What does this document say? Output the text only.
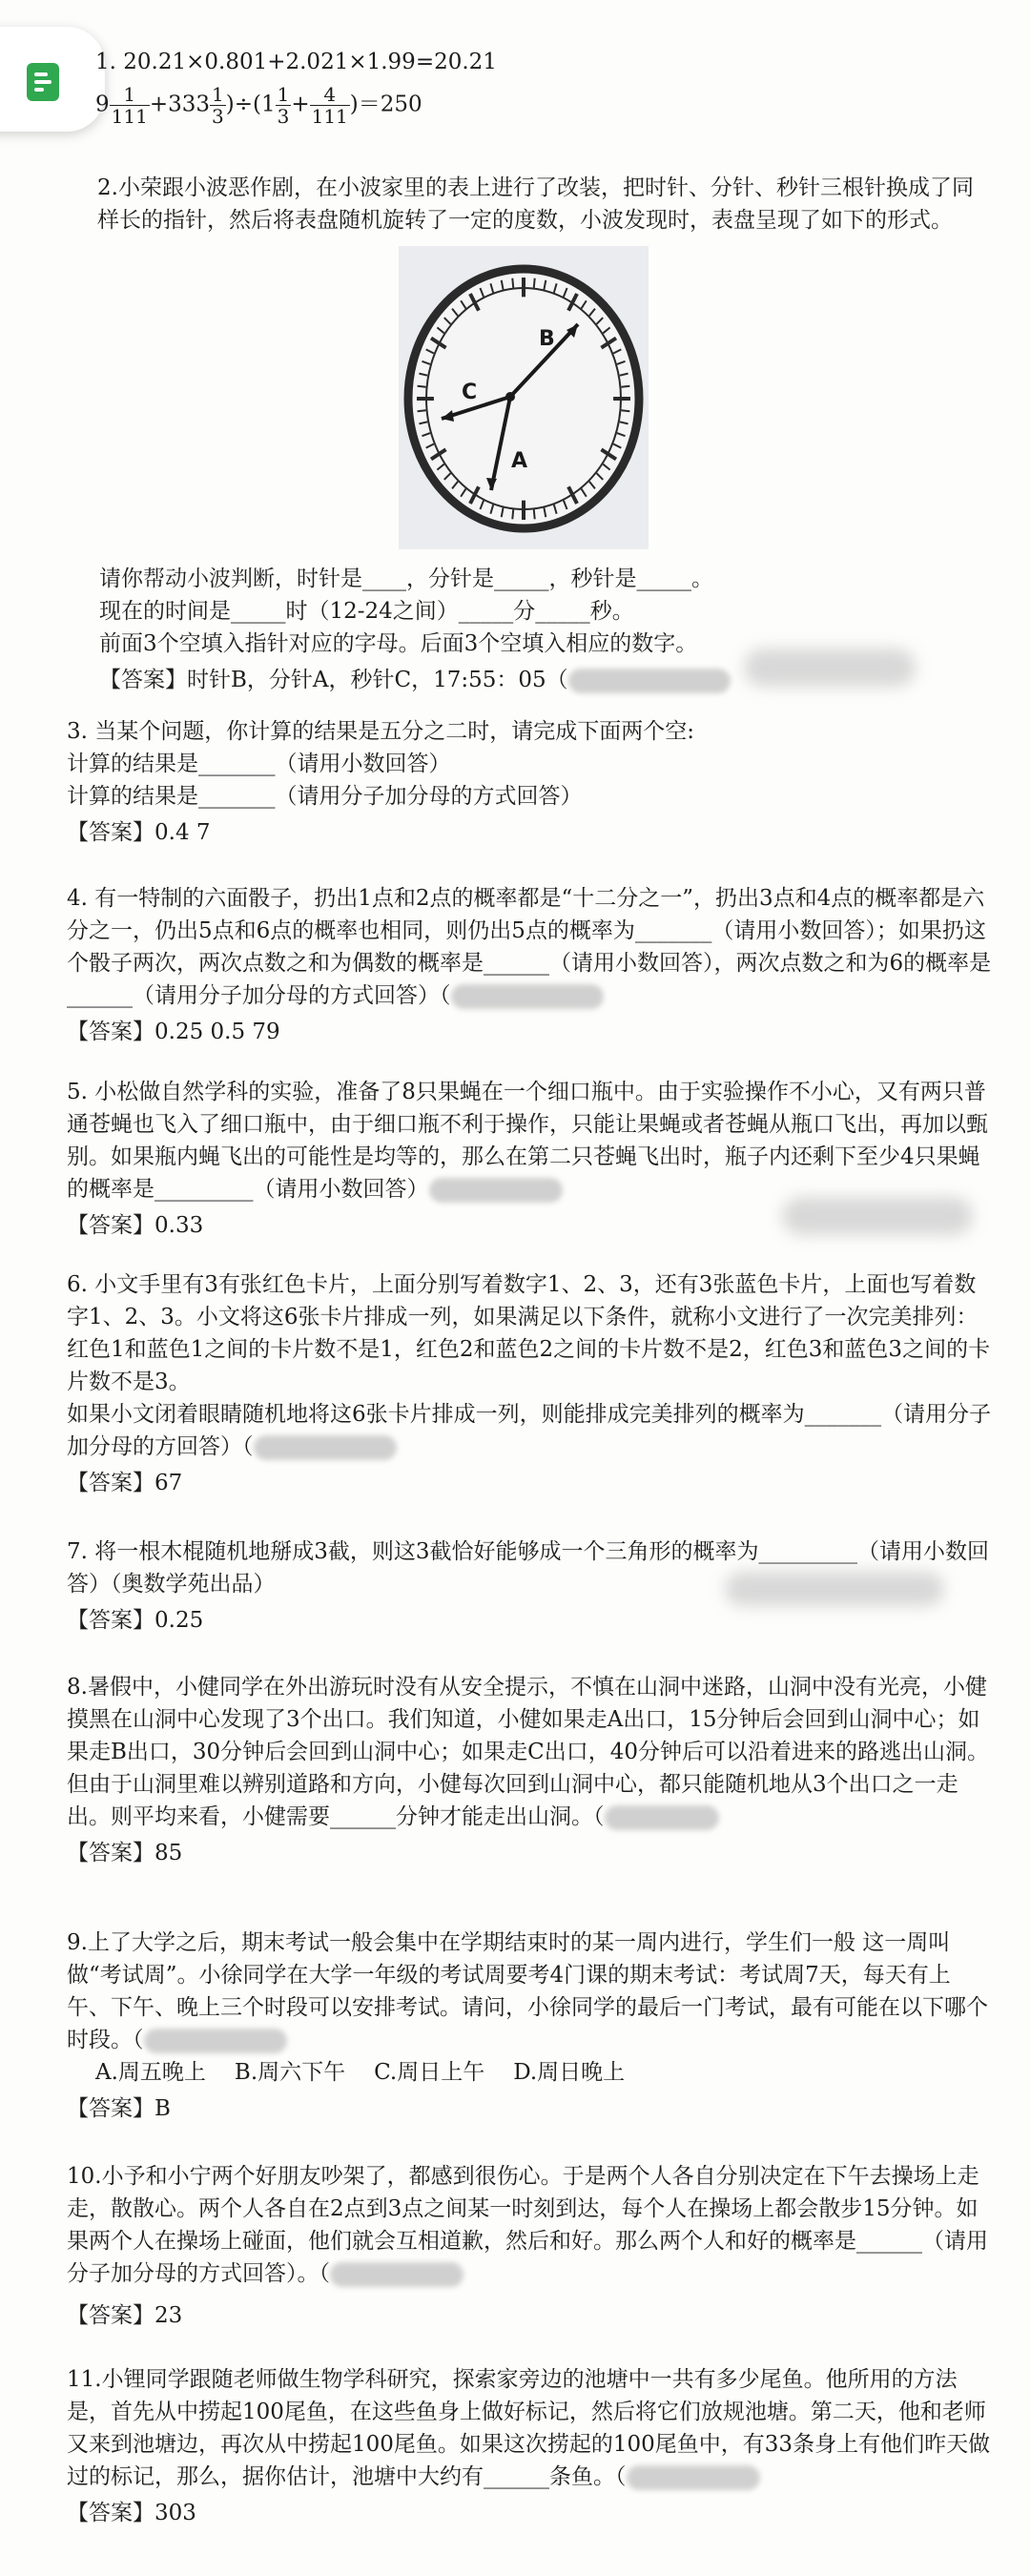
1. 20.21×0.801+2.021×1.99=20.21

$9 \frac{1}{111} +333 \frac{1}{3} )\div(1 \frac{1}{3} + \frac{4}{111} )=250$

2.小荣跟小波恶作剧，在小波家里的表上进行了改装，把时针、分针、秒针三根针换成了同样长的指针，然后将表盘随机旋转了一定的度数，小波发现时，表盘呈现了如下的形式。

B
C
A

请你帮动小波判断，时针是____，分针是_____，秒针是_____。

现在的时间是_____时（12-24之间）_____分_____秒。

前面3个空填入指针对应的字母。后面3个空填入相应的数字。

【答案】时针B，分针A，秒针C，17:55：05（

3. 当某个问题，你计算的结果是五分之二时，请完成下面两个空:

计算的结果是_______（请用小数回答）

计算的结果是_______（请用分子加分母的方式回答）

【答案】0.4 7

4. 有一特制的六面骰子，扔出1点和2点的概率都是“十二分之一”，扔出3点和4点的概率都是六分之一，仍出5点和6点的概率也相同，则仍出5点的概率为_______（请用小数回答）；如果扔这个骰子两次，两次点数之和为偶数的概率是______（请用小数回答），两次点数之和为6的概率是______（请用分子加分母的方式回答）（

【答案】0.25 0.5 79

5. 小松做自然学科的实验，准备了8只果蝇在一个细口瓶中。由于实验操作不小心，又有两只普通苍蝇也飞入了细口瓶中，由于细口瓶不利于操作，只能让果蝇或者苍蝇从瓶口飞出，再加以甄别。如果瓶内蝇飞出的可能性是均等的，那么在第二只苍蝇飞出时，瓶子内还剩下至少4只果蝇的概率是_________（请用小数回答）

【答案】0.33

6. 小文手里有3有张红色卡片，上面分别写着数字1、2、3，还有3张蓝色卡片，上面也写着数字1、2、3。小文将这6张卡片排成一列，如果满足以下条件，就称小文进行了一次完美排列：红色1和蓝色1之间的卡片数不是1，红色2和蓝色2之间的卡片数不是2，红色3和蓝色3之间的卡片数不是3。

如果小文闭着眼睛随机地将这6张卡片排成一列，则能排成完美排列的概率为_______（请用分子加分母的方回答）（

【答案】67

7. 将一根木棍随机地掰成3截，则这3截恰好能够成一个三角形的概率为_________（请用小数回答）（奥数学苑出品）

【答案】0.25

8.暑假中，小健同学在外出游玩时没有从安全提示，不慎在山洞中迷路，山洞中没有光亮，小健摸黑在山洞中心发现了3个出口。我们知道，小健如果走A出口，15分钟后会回到山洞中心；如果走B出口，30分钟后会回到山洞中心；如果走C出口，40分钟后可以沿着进来的路逃出山洞。但由于山洞里难以辨别道路和方向，小健每次回到山洞中心，都只能随机地从3个出口之一走出。则平均来看，小健需要______分钟才能走出山洞。（

【答案】85

9.上了大学之后，期末考试一般会集中在学期结束时的某一周内进行，学生们一般 这一周叫做“考试周”。小徐同学在大学一年级的考试周要考4门课的期末考试：考试周7天，每天有上午、下午、晚上三个时段可以安排考试。请问，小徐同学的最后一门考试，最有可能在以下哪个时段。（

A.周五晚上 B.周六下午 C.周日上午 D.周日晚上

【答案】B

10.小予和小宁两个好朋友吵架了，都感到很伤心。于是两个人各自分别决定在下午去操场上走走，散散心。两个人各自在2点到3点之间某一时刻到达，每个人在操场上都会散步15分钟。如果两个人在操场上碰面，他们就会互相道歉，然后和好。那么两个人和好的概率是______（请用分子加分母的方式回答）。（

【答案】23

11.小锂同学跟随老师做生物学科研究，探索家旁边的池塘中一共有多少尾鱼。他所用的方法是，首先从中捞起100尾鱼，在这些鱼身上做好标记，然后将它们放规池塘。第二天，他和老师又来到池塘边，再次从中捞起100尾鱼。如果这次捞起的100尾鱼中，有33条身上有他们昨天做过的标记，那么，据你估计，池塘中大约有______条鱼。（

【答案】303
